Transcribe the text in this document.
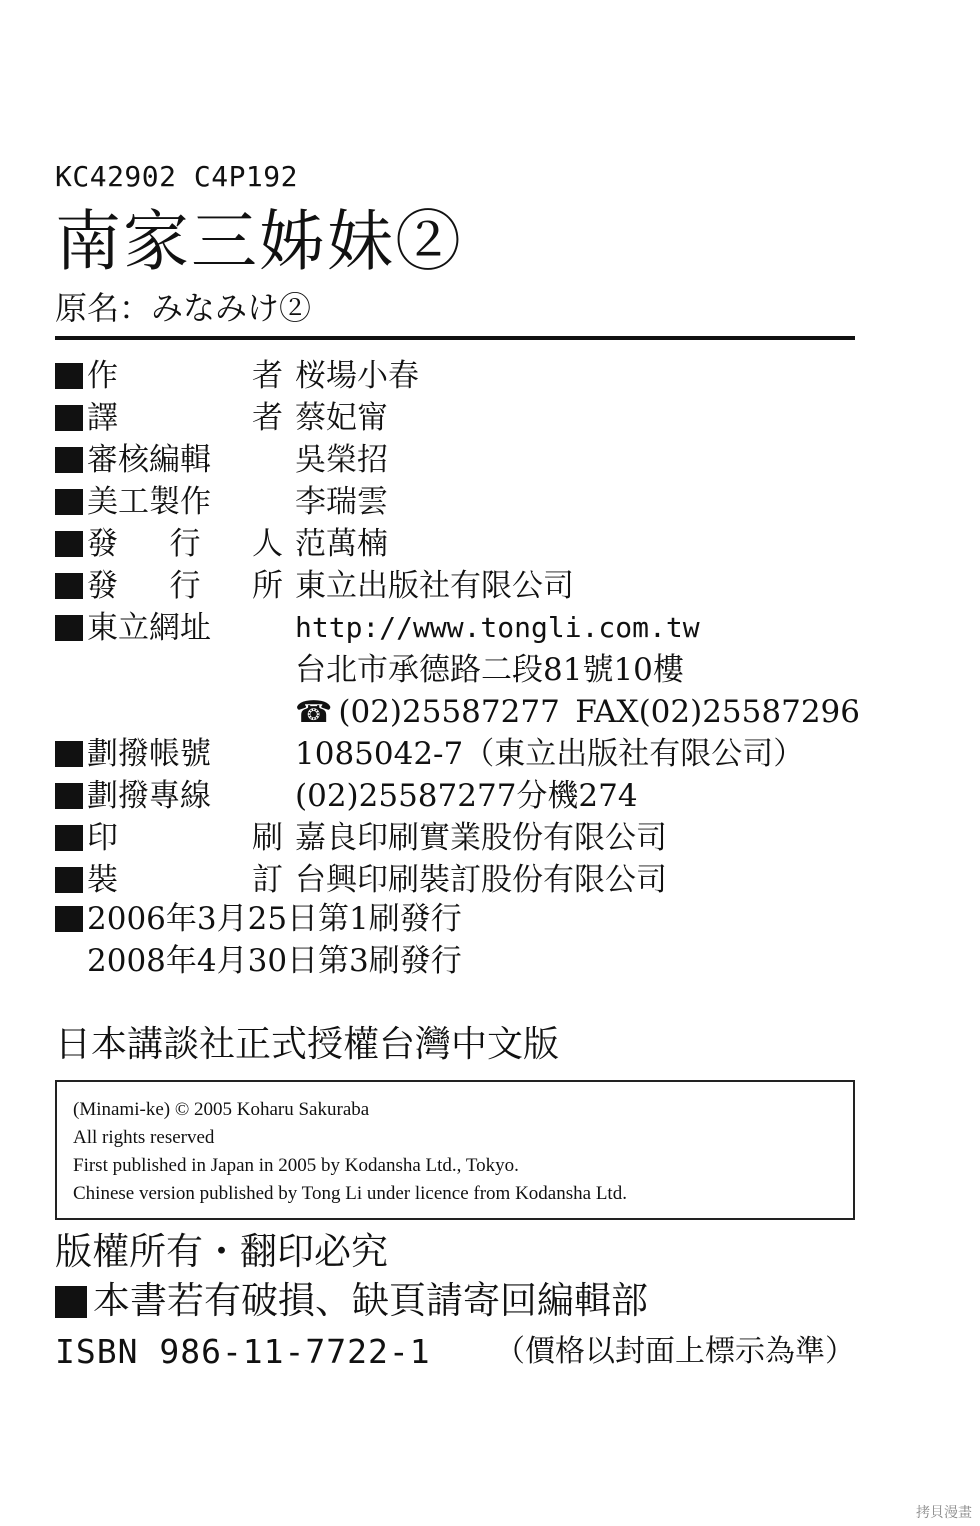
KC42902 C4P192
南家三姊妹②
原名：みなみけ②
作	者 桜場小春
譯	者 蔡妃甯
審核編輯	吳榮招
美工製作	李瑞雲
發 行 人 范萬楠
發 行 所 東立出版社有限公司
東立網址	http://www.tongli.com.tw
台北市承德路二段81號10樓
☎ (02)25587277 FAX(02)25587296
劃撥帳號	1085042-7（東立出版社有限公司）
劃撥專線	(02)25587277分機274
印	刷 嘉良印刷實業股份有限公司
裝	訂 台興印刷裝訂股份有限公司
2006年3月25日第1刷發行
2008年4月30日第3刷發行
日本講談社正式授權台灣中文版
(Minami-ke) © 2005 Koharu Sakuraba
All rights reserved
First published in Japan in 2005 by Kodansha Ltd., Tokyo.
Chinese version published by Tong Li under licence from Kodansha Ltd.
版權所有・翻印必究
本書若有破損、缺頁請寄回編輯部
ISBN 986-11-7722-1 （價格以封面上標示為準）
拷貝漫畫
